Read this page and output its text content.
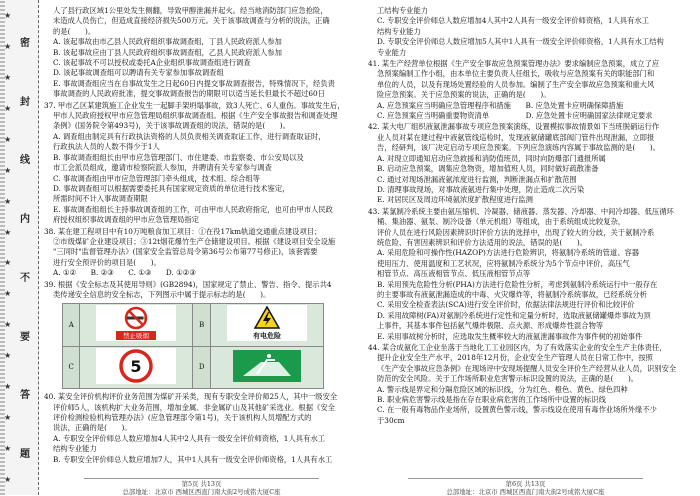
★
★
★
★
★
★
★
★
★
★
★
★
★
★
★
★
密
封
线
内
不
要
答
题

人了县行政区域1公里处发生侧翻，导致甲醇泄漏并起火。经当地消防部门应急抢险，

未造成人员伤亡，但造成直接经济损失500万元。关于该事故调查与分析的说法，正确

的是(　　)。

A. 该起事故由市乙县人民政府组织事故调查组，丁县人民政府派人参加

B. 该起事故应由丁县人民政府组织事故调查组，乙县人民政府派人参加

C. 该起事故不可以授权或委托A企业组织事故调查组进行调查

D. 该起事故调查组可以聘请有关专家参加事故调查组

E. 事故调查组应当在自事故发生之日起60日内提交事故调查报告，特殊情况下，经负责

事故调查的人民政府批准，提交事故调查报告的期限可以适当延长但最长不超过60日

37. 甲市乙区某建筑施工企业发生一起脚手架坍塌事故，致3人死亡、6人重伤。事故发生后，

甲市人民政府授权甲市应急管理局组织事故调查组。根据《生产安全事故报告和调查处理

条例》(国务院令第493号)，关于该事故调查组的说法，错误的是(　　)。

A. 调查组由制定具有行政执法资格的人员负责相关调查取证工作，进行调查取证时，

行政执法人员的人数不得少于1人

B. 事故调查组组长由甲市应急管理部门、市住建委、市监察委、市公安局以及

市工会派员组成，邀请市检察院派人参加，并聘请有关专家参与调查

C. 事故调查组由甲市应急管理部门牵头组成，技术组、综合组等

D. 事故调查组可以根据需要委托具有国家规定资质的单位进行技术鉴定，

所需时间不计入事故调查期限

E. 事故调查组组长主持事故调查组的工作，可由甲市人民政府指定，也可由甲市人民政

府授权组织事故调查组的甲市应急管理局指定

38. 某在建工程项目中有10万吨粮食加工项目：①在役17km轨道交通重点建设项目；

②市级煤矿企业建设项目；③12t烟花爆竹生产仓储建设项目。根据《建设项目安全设施

"三同时"监督管理办法》(国家安全监管总局令第36号公布第77号修正)，该套需要

进行安全预评价的项目是(　　)。

A. ①②　　B. ②③　　C. ①③　　D. ①②③

39. 根据《安全标志及其使用导则》(GB2894)，国家规定了禁止、警告、指令、提示共4

类传递安全信息的安全标志，下列图示中属于提示标志的是(　　)。

A	禁止吸烟	B	有电危险

C	5	D	

40. 某安全评价机构评价业务范围为煤矿开采类，现有专职安全评价师25人，其中一级安全

评价师5人，该机构扩大业务范围，增加金属、非金属矿山及其他矿采选业。根据《安全

评价检测检验机构管理办法》(应急管理部令第1号)，关于该机构人员增配方式的

说法，正确的是(　　)。

A. 专职安全评价师总人数应增加4人其中2人具有一级安全评价师资格，1人具有水工

结构专业能力

B. 专职安全评价师总人数应增加7人，其中1人具有一级安全评价师资格，1人具有水工

第5页 共13页
总部地址：北京市 西城区西直门南大街2号成铭大厦C座

工结构专业能力

C. 专职安全评价师总人数应增加4人其中2人具有一级安全评价师资格，1人具有水工

结构专业能力

D. 专职安全评价师总人数应增加5人其中1人具有一级安全评价师资格，1人具有水工结构

专业能力

41. 某生产经营单位根据《生产安全事故应急预案管理办法》要求编制应急预案，成立了应

急预案编制工作小组，由本单位主要负责人任组长，吸收与应急预案有关的职能部门和

单位的人员，以及有现场处置经验的人员参加。编制了生产安全事故应急预案和重大风

险应急预案。关于应急预案的说法，正确的是(　　)。

A. 应急预案应当明确应急管理程序和措施　　B. 应急处置卡应明确保障措施

C. 应急预案应当明确重要物资清单　　　　　D. 应急处置卡应明确国家法律规定要求

42. 某大电厂组织液氨泄漏事故专项应急预案演练，设置模拟事故情景如下当班脱硝运行作

业人员对某在建过程中液氨管线巡检时，发现液氨储罐底部阀门管件出现泄漏，立即报

告，经研判，该厂决定启动专项应急预案。下列应急演练内容属于事故监测的是(　　)。

A. 对现立即通知启动应急救援和消防值班员，同时向防爆部门通报所属

B. 启动应急预案，调集应急物资，增加值班人员，同时做好疏散准备

C. 通过对现场泄漏液氨浓度进行监测，判断泄漏点和扩散范围

D. 清理事故现场，对事故液氨进行集中处理，防止造成二次污染

E. 对居民区及周边环境氨浓度扩散程度进行监测

43. 某氯制冷系统主要由氨压缩机、冷凝器、储液器、蒸发器、冷却器、中间冷却器、低压循环

桶、集油器、氨泵、制冷设备（单元机组）等组成，由于系统组成比较复杂，

评价人员在进行风险因素辨识时评价方法的选择中，出现了较大的分歧，关于氨制冷系

统危险、有害因素辨识和评价方法适用的说法，错误的是(　　)。

A. 采用危险和可操作性(HAZOP)方法进行危险辨识，将氨制冷系统的管道、容器

使用压力、使用温度和工艺状况，应将氨制冷系统分为5个节点中评价，高压气

相管节点、高压液相管节点、低压液相管节点等

B. 采用预先危险性分析(PHA)方法进行危险性分析，考虑到氨制冷系统运行中一般存在

的主要事故有液氨泄漏造成的中毒、火灾爆炸等，将氨制冷系统事故，已经系统分析

C. 采用安全检查表法(SCA)进行安全评价时，依据法律法规进行评价和比较评价

D. 采用故障树(FA)对氨制冷系统进行定性和定量分析时，选取液氨储罐爆炸事故为顶

上事件，其基本事件包括氨气爆炸极限、点火源、形成爆炸性混合物等

E. 采用事故树分析时，应选取发生概率较大的液氨泄漏事故作为事件树的初始事件

44. 某合成氨化工企业坐落于当地化工工业园区内，为了有效落实企业的安全生产主体责任，

提升企业安全生产水平，2018年12月份，企业安全生产管理人员在日常工作中，按照

《生产安全事故应急条例》在现场评中安现场提醒人员安全评价生产经营从业人员，识别安全

防范的安全风险。关于工作场所职业危害警示标识设置的说法，正确的是(　　)。

A. 警示线是界定和分隔危险区域的标识线，分为红色、橙色、黄色、绿色四种

B. 职业病危害警示线是指在存在职业病危害的工作场所中设置的标识线

C. 在一般有毒物品作业场所，设置黄色警示线，警示线设在使用有毒作业场所外缘不少

于30cm

第6页 共13页
总部地址：北京市 西城区西直门南大街2号成铭大厦C座
